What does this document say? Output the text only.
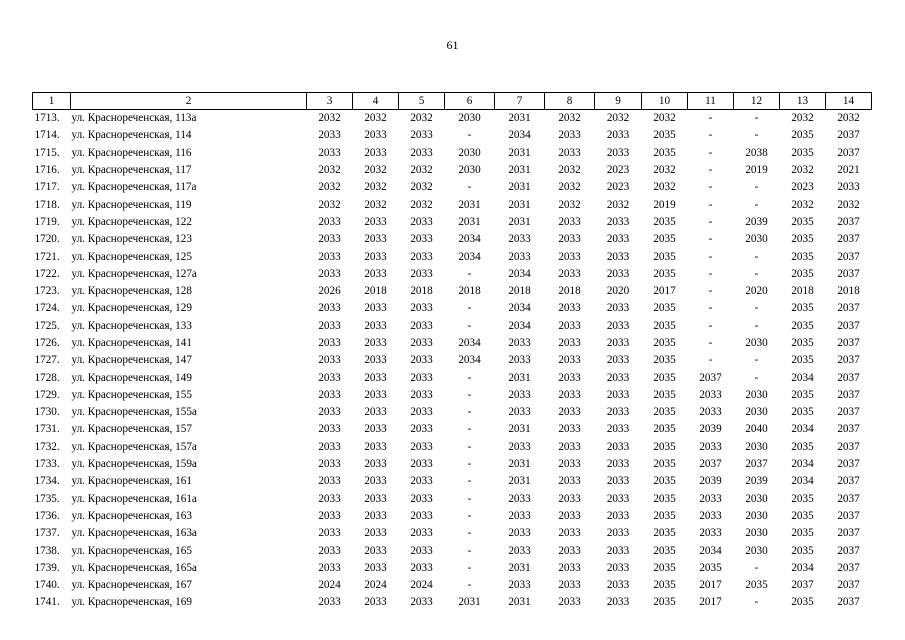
61
1	2	3	4	5	6	7	8	9	10	11	12	13	14
1713.	ул. Краснореченская, 113а	2032	2032	2032	2030	2031	2032	2032	2032	-	-	2032	2032
1714.	ул. Краснореченская, 114	2033	2033	2033	-	2034	2033	2033	2035	-	-	2035	2037
1715.	ул. Краснореченская, 116	2033	2033	2033	2030	2031	2033	2033	2035	-	2038	2035	2037
1716.	ул. Краснореченская, 117	2032	2032	2032	2030	2031	2032	2023	2032	-	2019	2032	2021
1717.	ул. Краснореченская, 117а	2032	2032	2032	-	2031	2032	2023	2032	-	-	2023	2033
1718.	ул. Краснореченская, 119	2032	2032	2032	2031	2031	2032	2032	2019	-	-	2032	2032
1719.	ул. Краснореченская, 122	2033	2033	2033	2031	2031	2033	2033	2035	-	2039	2035	2037
1720.	ул. Краснореченская, 123	2033	2033	2033	2034	2033	2033	2033	2035	-	2030	2035	2037
1721.	ул. Краснореченская, 125	2033	2033	2033	2034	2033	2033	2033	2035	-	-	2035	2037
1722.	ул. Краснореченская, 127а	2033	2033	2033	-	2034	2033	2033	2035	-	-	2035	2037
1723.	ул. Краснореченская, 128	2026	2018	2018	2018	2018	2018	2020	2017	-	2020	2018	2018
1724.	ул. Краснореченская, 129	2033	2033	2033	-	2034	2033	2033	2035	-	-	2035	2037
1725.	ул. Краснореченская, 133	2033	2033	2033	-	2034	2033	2033	2035	-	-	2035	2037
1726.	ул. Краснореченская, 141	2033	2033	2033	2034	2033	2033	2033	2035	-	2030	2035	2037
1727.	ул. Краснореченская, 147	2033	2033	2033	2034	2033	2033	2033	2035	-	-	2035	2037
1728.	ул. Краснореченская, 149	2033	2033	2033	-	2031	2033	2033	2035	2037	-	2034	2037
1729.	ул. Краснореченская, 155	2033	2033	2033	-	2033	2033	2033	2035	2033	2030	2035	2037
1730.	ул. Краснореченская, 155а	2033	2033	2033	-	2033	2033	2033	2035	2033	2030	2035	2037
1731.	ул. Краснореченская, 157	2033	2033	2033	-	2031	2033	2033	2035	2039	2040	2034	2037
1732.	ул. Краснореченская, 157а	2033	2033	2033	-	2033	2033	2033	2035	2033	2030	2035	2037
1733.	ул. Краснореченская, 159а	2033	2033	2033	-	2031	2033	2033	2035	2037	2037	2034	2037
1734.	ул. Краснореченская, 161	2033	2033	2033	-	2031	2033	2033	2035	2039	2039	2034	2037
1735.	ул. Краснореченская, 161а	2033	2033	2033	-	2033	2033	2033	2035	2033	2030	2035	2037
1736.	ул. Краснореченская, 163	2033	2033	2033	-	2033	2033	2033	2035	2033	2030	2035	2037
1737.	ул. Краснореченская, 163а	2033	2033	2033	-	2033	2033	2033	2035	2033	2030	2035	2037
1738.	ул. Краснореченская, 165	2033	2033	2033	-	2033	2033	2033	2035	2034	2030	2035	2037
1739.	ул. Краснореченская, 165а	2033	2033	2033	-	2031	2033	2033	2035	2035	-	2034	2037
1740.	ул. Краснореченская, 167	2024	2024	2024	-	2033	2033	2033	2035	2017	2035	2037	2037
1741.	ул. Краснореченская, 169	2033	2033	2033	2031	2031	2033	2033	2035	2017	-	2035	2037
